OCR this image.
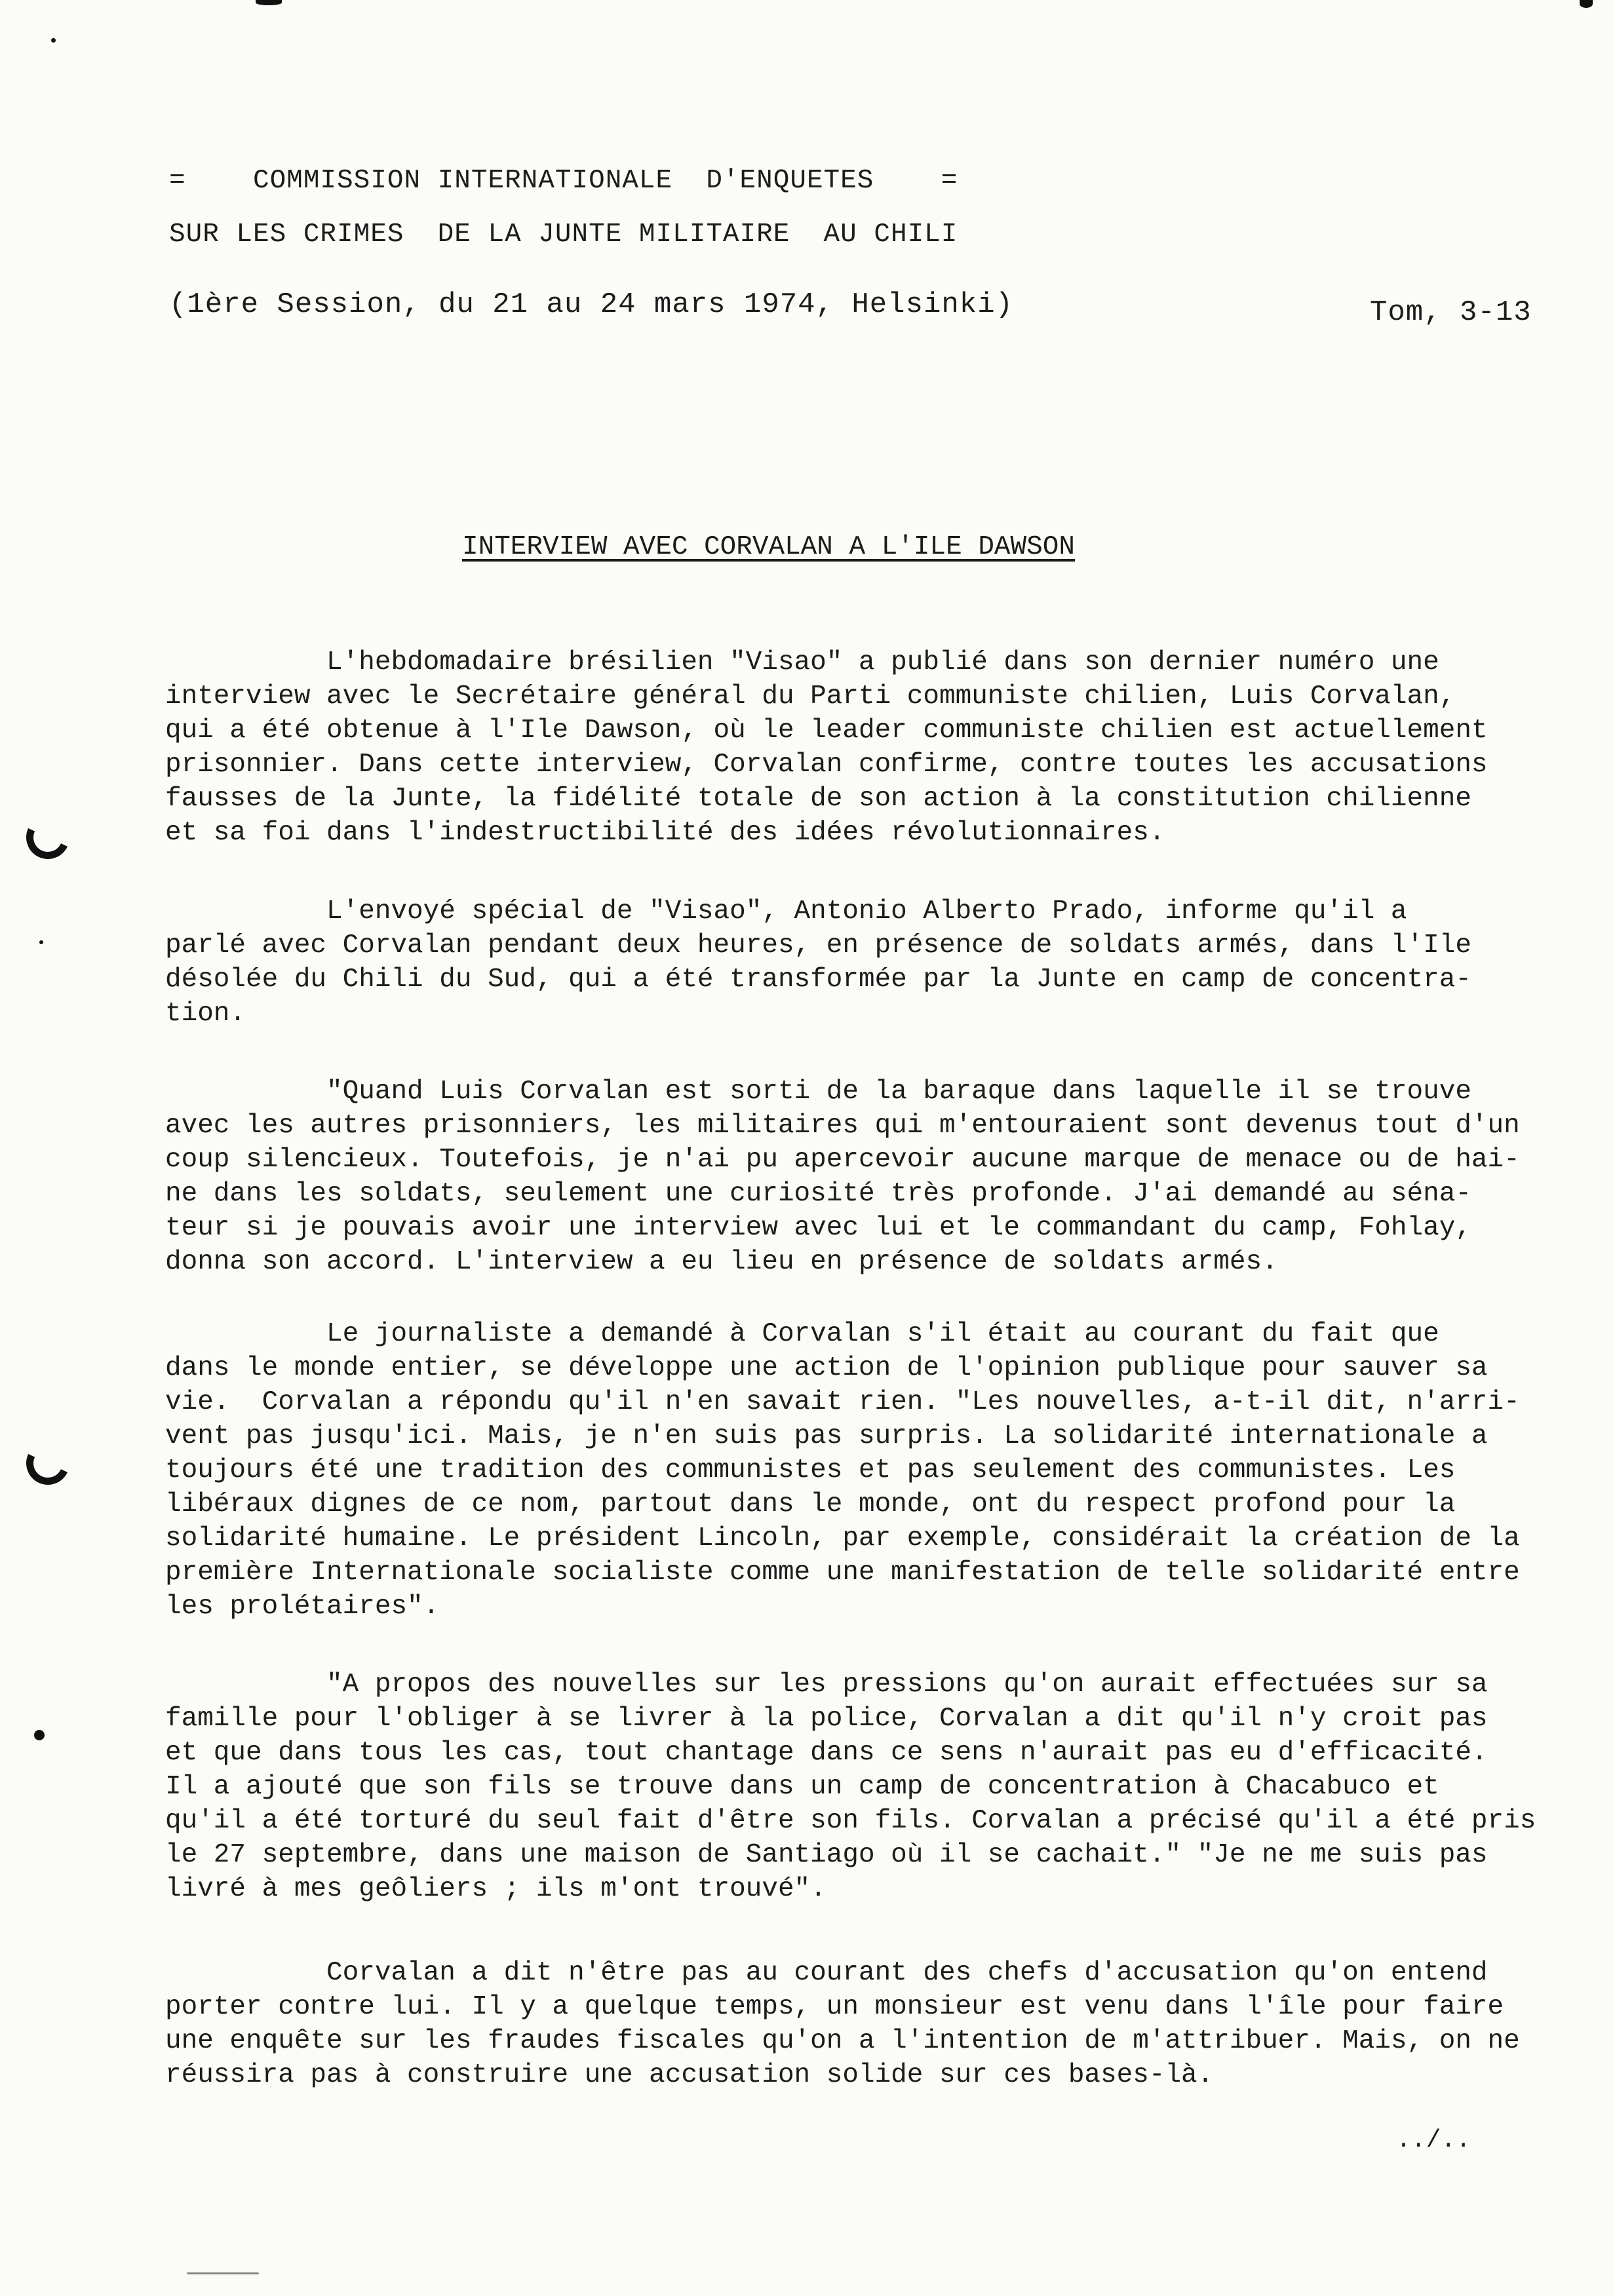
=    COMMISSION INTERNATIONALE  D'ENQUETES    =
SUR LES CRIMES  DE LA JUNTE MILITAIRE  AU CHILI
(1ère Session, du 21 au 24 mars 1974, Helsinki)	Tom, 3-13
INTERVIEW AVEC CORVALAN A L'ILE DAWSON
L'hebdomadaire brésilien "Visao" a publié dans son dernier numéro une
interview avec le Secrétaire général du Parti communiste chilien, Luis Corvalan,
qui a été obtenue à l'Ile Dawson, où le leader communiste chilien est actuellement
prisonnier. Dans cette interview, Corvalan confirme, contre toutes les accusations
fausses de la Junte, la fidélité totale de son action à la constitution chilienne
et sa foi dans l'indestructibilité des idées révolutionnaires.
L'envoyé spécial de "Visao", Antonio Alberto Prado, informe qu'il a
parlé avec Corvalan pendant deux heures, en présence de soldats armés, dans l'Ile
désolée du Chili du Sud, qui a été transformée par la Junte en camp de concentra-
tion.
"Quand Luis Corvalan est sorti de la baraque dans laquelle il se trouve
avec les autres prisonniers, les militaires qui m'entouraient sont devenus tout d'un
coup silencieux. Toutefois, je n'ai pu apercevoir aucune marque de menace ou de hai-
ne dans les soldats, seulement une curiosité très profonde. J'ai demandé au séna-
teur si je pouvais avoir une interview avec lui et le commandant du camp, Fohlay,
donna son accord. L'interview a eu lieu en présence de soldats armés.
Le journaliste a demandé à Corvalan s'il était au courant du fait que
dans le monde entier, se développe une action de l'opinion publique pour sauver sa
vie.  Corvalan a répondu qu'il n'en savait rien. "Les nouvelles, a-t-il dit, n'arri-
vent pas jusqu'ici. Mais, je n'en suis pas surpris. La solidarité internationale a
toujours été une tradition des communistes et pas seulement des communistes. Les
libéraux dignes de ce nom, partout dans le monde, ont du respect profond pour la
solidarité humaine. Le président Lincoln, par exemple, considérait la création de la
première Internationale socialiste comme une manifestation de telle solidarité entre
les prolétaires".
"A propos des nouvelles sur les pressions qu'on aurait effectuées sur sa
famille pour l'obliger à se livrer à la police, Corvalan a dit qu'il n'y croit pas
et que dans tous les cas, tout chantage dans ce sens n'aurait pas eu d'efficacité.
Il a ajouté que son fils se trouve dans un camp de concentration à Chacabuco et
qu'il a été torturé du seul fait d'être son fils. Corvalan a précisé qu'il a été pris
le 27 septembre, dans une maison de Santiago où il se cachait." "Je ne me suis pas
livré à mes geôliers ; ils m'ont trouvé".
Corvalan a dit n'être pas au courant des chefs d'accusation qu'on entend
porter contre lui. Il y a quelque temps, un monsieur est venu dans l'île pour faire
une enquête sur les fraudes fiscales qu'on a l'intention de m'attribuer. Mais, on ne
réussira pas à construire une accusation solide sur ces bases-là.
../..
